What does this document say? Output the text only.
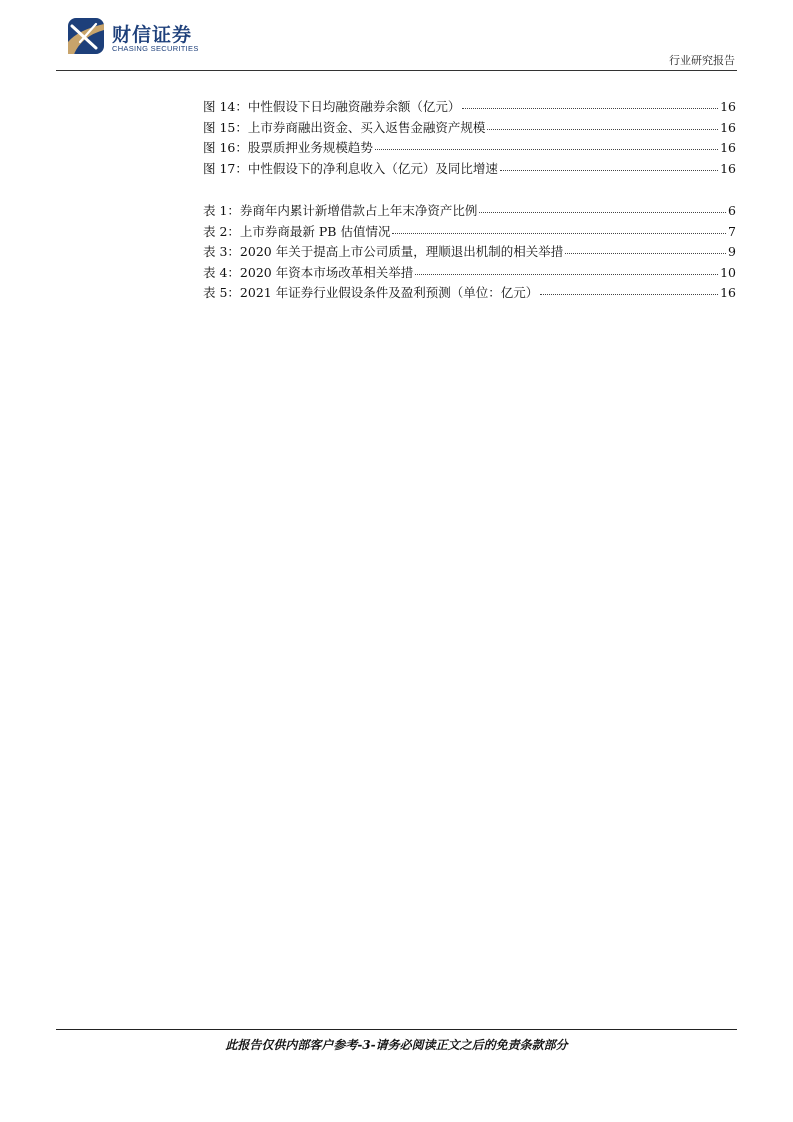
财信证券
CHASING SECURITIES
行业研究报告
图 14：中性假设下日均融资融券余额（亿元）	16
图 15：上市券商融出资金、买入返售金融资产规模	16
图 16：股票质押业务规模趋势	16
图 17：中性假设下的净利息收入（亿元）及同比增速	16
表 1：券商年内累计新增借款占上年末净资产比例	6
表 2：上市券商最新 PB 估值情况	7
表 3：2020 年关于提高上市公司质量，理顺退出机制的相关举措	9
表 4：2020 年资本市场改革相关举措	10
表 5：2021 年证券行业假设条件及盈利预测（单位：亿元）	16
此报告仅供内部客户参考-3-请务必阅读正文之后的免责条款部分
